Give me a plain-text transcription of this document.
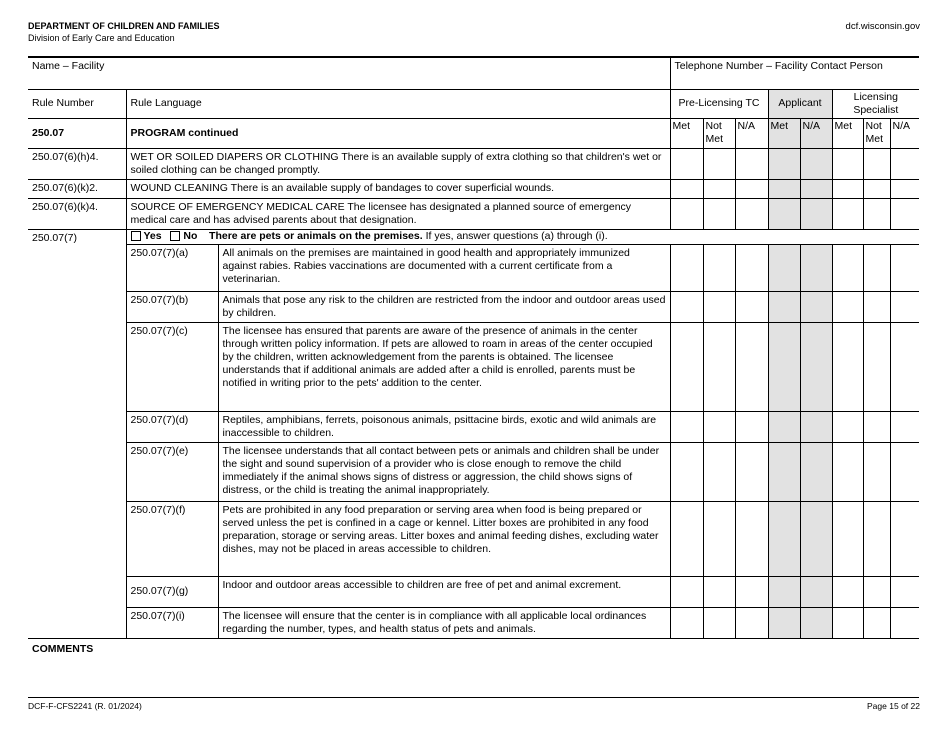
DEPARTMENT OF CHILDREN AND FAMILIES
Division of Early Care and Education
dcf.wisconsin.gov
Name – Facility			Telephone Number – Facility Contact Person							
Rule Number	Rule Language		Pre-Licensing TC			Applicant		Licensing Specialist		
250.07	PROGRAM continued		Met	Not Met	N/A	Met	N/A	Met	Not Met	N/A
250.07(6)(h)4.	WET OR SOILED DIAPERS OR CLOTHING There is an available supply of extra clothing so that children's wet or soiled clothing can be changed promptly.									
250.07(6)(k)2.	WOUND CLEANING There is an available supply of bandages to cover superficial wounds.									
250.07(6)(k)4.	SOURCE OF EMERGENCY MEDICAL CARE The licensee has designated a planned source of emergency medical care and has advised parents about that designation.									
250.07(7)	Yes No There are pets or animals on the premises. If yes, answer questions (a) through (i).									
	250.07(7)(a)	All animals on the premises are maintained in good health and appropriately immunized against rabies. Rabies vaccinations are documented with a current certificate from a veterinarian.								
	250.07(7)(b)	Animals that pose any risk to the children are restricted from the indoor and outdoor areas used by children.								
	250.07(7)(c)	The licensee has ensured that parents are aware of the presence of animals in the center through written policy information. If pets are allowed to roam in areas of the center occupied by the children, written acknowledgement from the parents is obtained. The licensee understands that if additional animals are added after a child is enrolled, parents must be notified in writing prior to the pets' addition to the center.								
	250.07(7)(d)	Reptiles, amphibians, ferrets, poisonous animals, psittacine birds, exotic and wild animals are inaccessible to children.								
	250.07(7)(e)	The licensee understands that all contact between pets or animals and children shall be under the sight and sound supervision of a provider who is close enough to remove the child immediately if the animal shows signs of distress or aggression, the child shows signs of distress, or the child is treating the animal inappropriately.								
	250.07(7)(f)	Pets are prohibited in any food preparation or serving area when food is being prepared or served unless the pet is confined in a cage or kennel. Litter boxes are prohibited in any food preparation, storage or serving areas. Litter boxes and animal feeding dishes, excluding water dishes, may not be placed in areas accessible to children.								
	250.07(7)(g)	Indoor and outdoor areas accessible to children are free of pet and animal excrement.								
	250.07(7)(i)	The licensee will ensure that the center is in compliance with all applicable local ordinances regarding the number, types, and health status of pets and animals.								
COMMENTS										
DCF-F-CFS2241 (R. 01/2024)	Page 15 of 22
